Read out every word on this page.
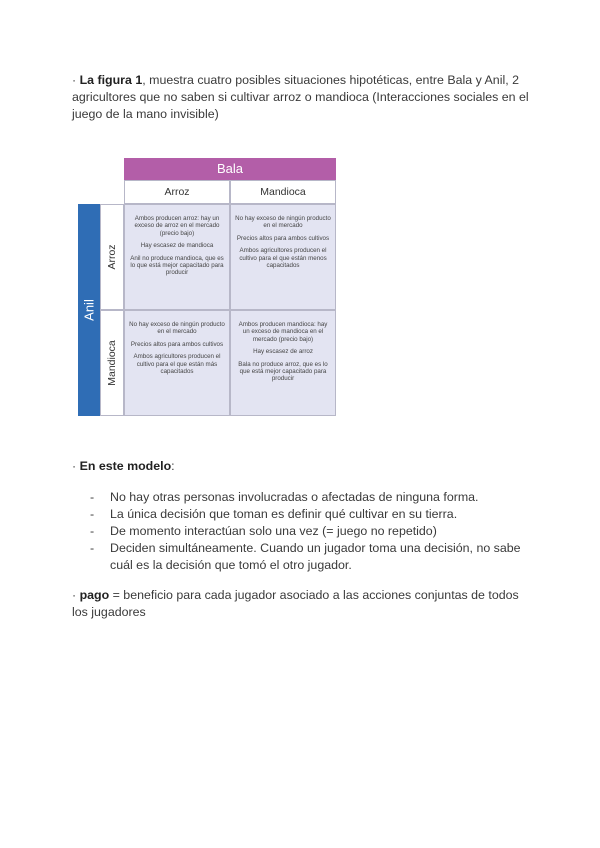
· La figura 1, muestra cuatro posibles situaciones hipotéticas, entre Bala y Anil, 2 agricultores que no saben si cultivar arroz o mandioca (Interacciones sociales en el juego de la mano invisible)
Bala
Arroz	Mandioca
Anil
Arroz
Mandioca

Ambos producen arroz: hay un exceso de arroz en el mercado (precio bajo)

Hay escasez de mandioca

Anil no produce mandioca, que es lo que está mejor capacitado para producir

No hay exceso de ningún producto en el mercado

Precios altos para ambos cultivos

Ambos agricultores producen el cultivo para el que están menos capacitados

No hay exceso de ningún producto en el mercado

Precios altos para ambos cultivos

Ambos agricultores producen el cultivo para el que están más capacitados

Ambos producen mandioca: hay un exceso de mandioca en el mercado (precio bajo)

Hay escasez de arroz

Bala no produce arroz, que es lo que está mejor capacitado para producir

· En este modelo:
- No hay otras personas involucradas o afectadas de ninguna forma.
- La única decisión que toman es definir qué cultivar en su tierra.
- De momento interactúan solo una vez (= juego no repetido)
- Deciden simultáneamente. Cuando un jugador toma una decisión, no sabe cuál es la decisión que tomó el otro jugador.
· pago = beneficio para cada jugador asociado a las acciones conjuntas de todos los jugadores
